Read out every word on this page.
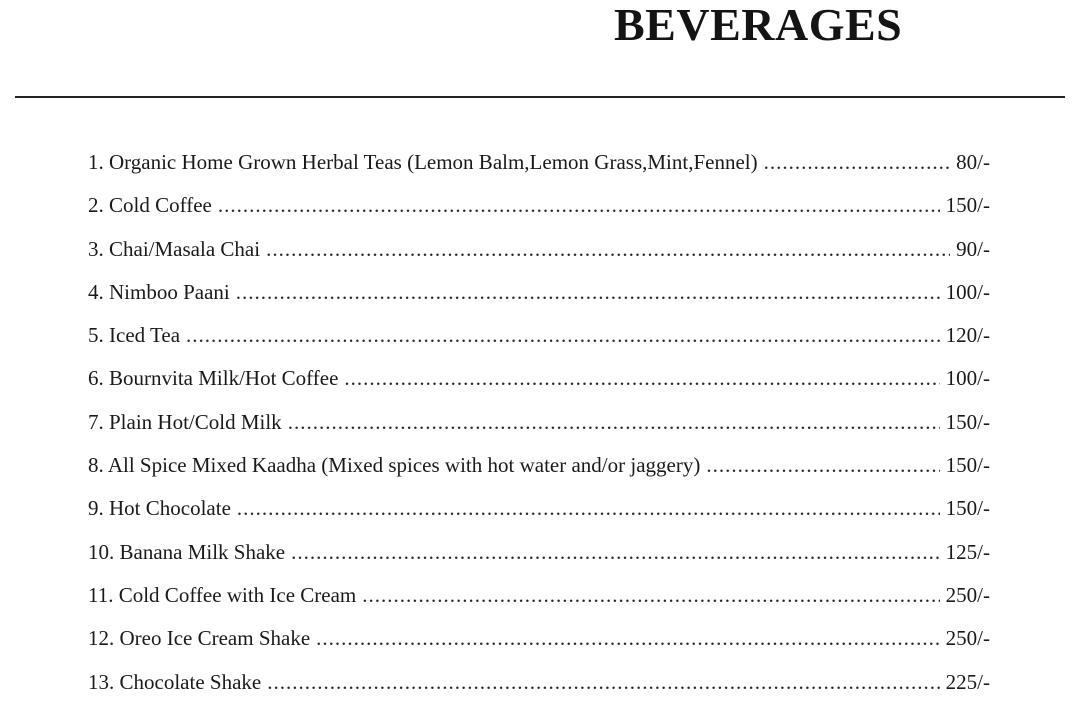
BEVERAGES
1. Organic Home Grown Herbal Teas (Lemon Balm,Lemon Grass,Mint,Fennel) .....	80/-
2. Cold Coffee .....	150/-
3. Chai/Masala Chai .....	90/-
4. Nimboo Paani .....	100/-
5. Iced Tea .....	120/-
6. Bournvita Milk/Hot Coffee .....	100/-
7. Plain Hot/Cold Milk .....	150/-
8. All Spice Mixed Kaadha (Mixed spices with hot water and/or jaggery) .....	150/-
9. Hot Chocolate .....	150/-
10. Banana Milk Shake .....	125/-
11. Cold Coffee with Ice Cream .....	250/-
12. Oreo Ice Cream Shake .....	250/-
13. Chocolate Shake .....	225/-
